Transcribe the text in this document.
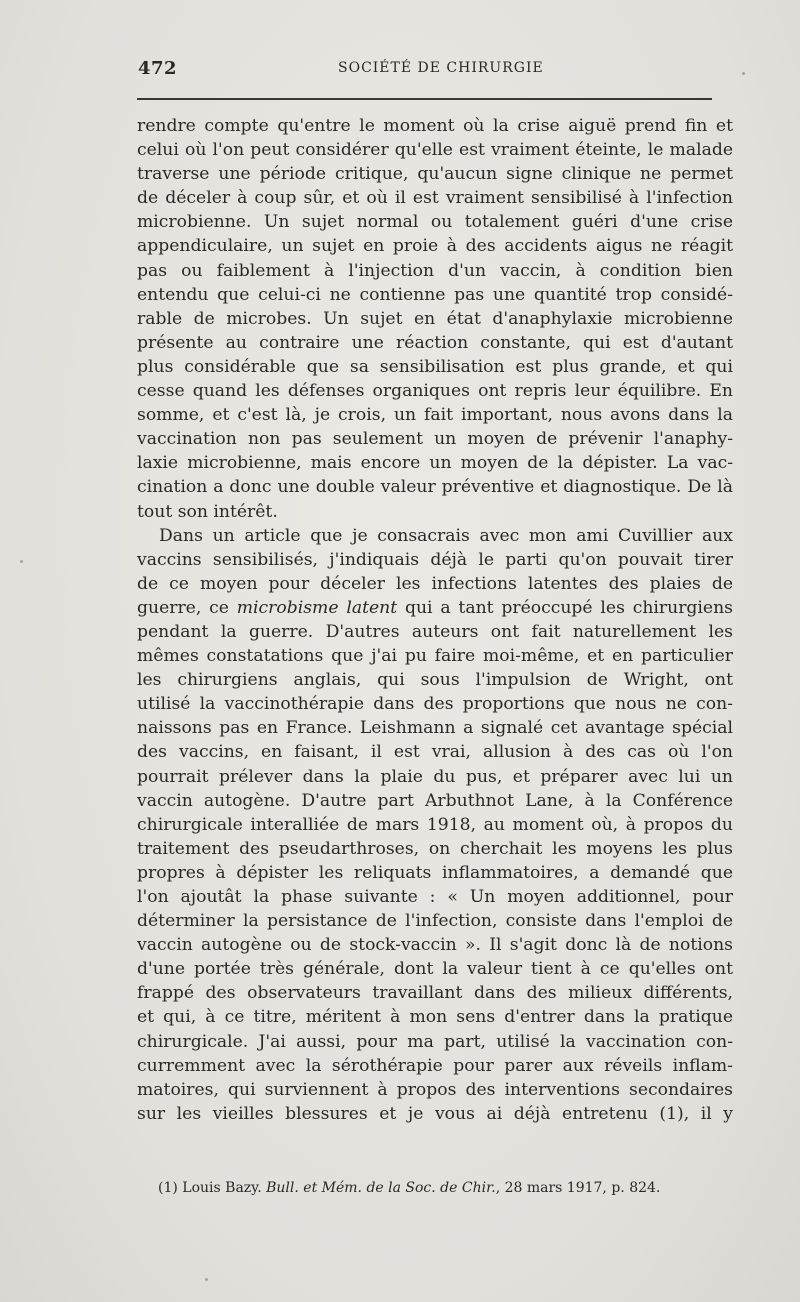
472	SOCIÉTÉ DE CHIRURGIE
rendre compte qu'entre le moment où la crise aiguë prend fin et
celui où l'on peut considérer qu'elle est vraiment éteinte, le malade
traverse une période critique, qu'aucun signe clinique ne permet
de déceler à coup sûr, et où il est vraiment sensibilisé à l'infection
microbienne. Un sujet normal ou totalement guéri d'une crise
appendiculaire, un sujet en proie à des accidents aigus ne réagit
pas ou faiblement à l'injection d'un vaccin, à condition bien
entendu que celui-ci ne contienne pas une quantité trop considé-
rable de microbes. Un sujet en état d'anaphylaxie microbienne
présente au contraire une réaction constante, qui est d'autant
plus considérable que sa sensibilisation est plus grande, et qui
cesse quand les défenses organiques ont repris leur équilibre. En
somme, et c'est là, je crois, un fait important, nous avons dans la
vaccination non pas seulement un moyen de prévenir l'anaphy-
laxie microbienne, mais encore un moyen de la dépister. La vac-
cination a donc une double valeur préventive et diagnostique. De là
tout son intérêt.
Dans un article que je consacrais avec mon ami Cuvillier aux
vaccins sensibilisés, j'indiquais déjà le parti qu'on pouvait tirer
de ce moyen pour déceler les infections latentes des plaies de
guerre, ce microbisme latent qui a tant préoccupé les chirurgiens
pendant la guerre. D'autres auteurs ont fait naturellement les
mêmes constatations que j'ai pu faire moi-même, et en particulier
les chirurgiens anglais, qui sous l'impulsion de Wright, ont
utilisé la vaccinothérapie dans des proportions que nous ne con-
naissons pas en France. Leishmann a signalé cet avantage spécial
des vaccins, en faisant, il est vrai, allusion à des cas où l'on
pourrait prélever dans la plaie du pus, et préparer avec lui un
vaccin autogène. D'autre part Arbuthnot Lane, à la Conférence
chirurgicale interalliée de mars 1918, au moment où, à propos du
traitement des pseudarthroses, on cherchait les moyens les plus
propres à dépister les reliquats inflammatoires, a demandé que
l'on ajoutât la phase suivante : « Un moyen additionnel, pour
déterminer la persistance de l'infection, consiste dans l'emploi de
vaccin autogène ou de stock-vaccin ». Il s'agit donc là de notions
d'une portée très générale, dont la valeur tient à ce qu'elles ont
frappé des observateurs travaillant dans des milieux différents,
et qui, à ce titre, méritent à mon sens d'entrer dans la pratique
chirurgicale. J'ai aussi, pour ma part, utilisé la vaccination con-
curremment avec la sérothérapie pour parer aux réveils inflam-
matoires, qui surviennent à propos des interventions secondaires
sur les vieilles blessures et je vous ai déjà entretenu (1), il y
(1) Louis Bazy. Bull. et Mém. de la Soc. de Chir., 28 mars 1917, p. 824.
